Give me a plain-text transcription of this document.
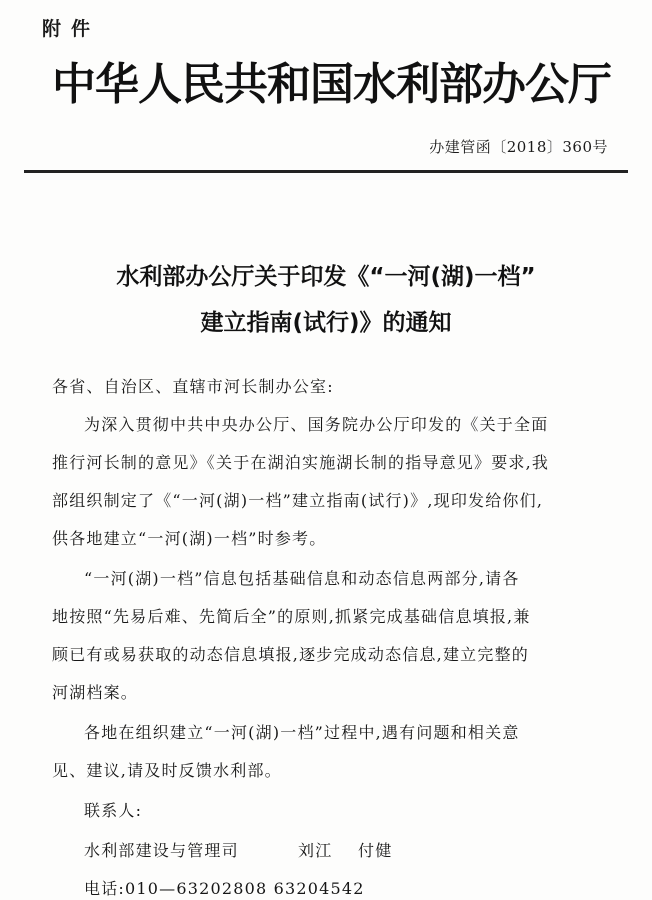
附件
中华人民共和国水利部办公厅
办建管函〔2018〕360号
水利部办公厅关于印发《“一河(湖)一档”
建立指南(试行)》的通知
各省、自治区、直辖市河长制办公室:
为深入贯彻中共中央办公厅、国务院办公厅印发的《关于全面
推行河长制的意见》《关于在湖泊实施湖长制的指导意见》要求,我
部组织制定了《“一河(湖)一档”建立指南(试行)》,现印发给你们,
供各地建立“一河(湖)一档”时参考。
“一河(湖)一档”信息包括基础信息和动态信息两部分,请各
地按照“先易后难、先简后全”的原则,抓紧完成基础信息填报,兼
顾已有或易获取的动态信息填报,逐步完成动态信息,建立完整的
河湖档案。
各地在组织建立“一河(湖)一档”过程中,遇有问题和相关意
见、建议,请及时反馈水利部。
联系人:
水利部建设与管理司	刘江 付健
电话:010—63202808 63204542
